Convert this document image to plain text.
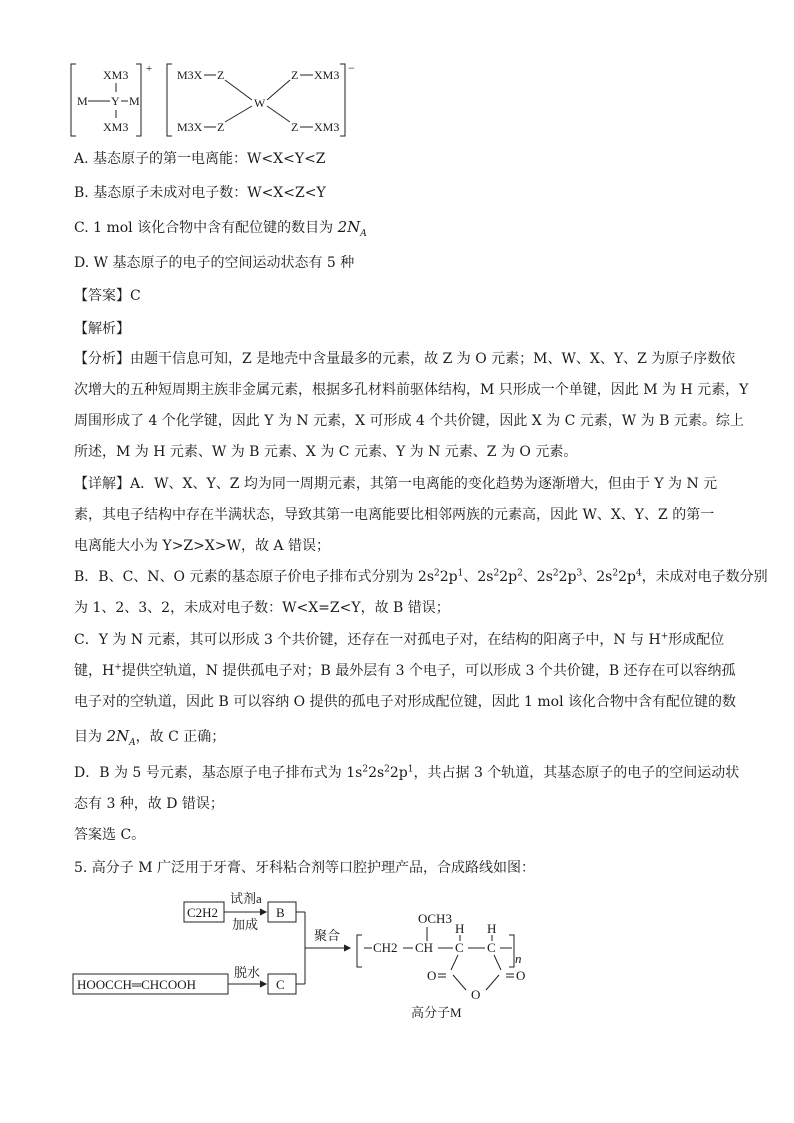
XM3
XM3
M Y M
+ M3X
M3X
Z
Z
W
Z
Z
XM3
XM3
−
A. 基态原子的第一电离能：W<X<Y<Z
B. 基态原子未成对电子数：W<X<Z<Y
C. 1 mol 该化合物中含有配位键的数目为 $2N_A$
D. W 基态原子的电子的空间运动状态有 5 种
【答案】C
【解析】
【分析】由题干信息可知，Z 是地壳中含量最多的元素，故 Z 为 O 元素；M、W、X、Y、Z 为原子序数依
次增大的五种短周期主族非金属元素，根据多孔材料前驱体结构，M 只形成一个单键，因此 M 为 H 元素，Y
周围形成了 4 个化学键，因此 Y 为 N 元素，X 可形成 4 个共价键，因此 X 为 C 元素，W 为 B 元素。综上
所述，M 为 H 元素、W 为 B 元素、X 为 C 元素、Y 为 N 元素、Z 为 O 元素。
【详解】A．W、X、Y、Z 均为同一周期元素，其第一电离能的变化趋势为逐渐增大，但由于 Y 为 N 元
素，其电子结构中存在半满状态，导致其第一电离能要比相邻两族的元素高，因此 W、X、Y、Z 的第一
电离能大小为 Y>Z>X>W，故 A 错误；
B．B、C、N、O 元素的基态原子价电子排布式分别为 $2s^22p^1$、$2s^22p^2$、$2s^22p^3$、$2s^22p^4$，未成对电子数分别
为 1、2、3、2，未成对电子数：W<X=Z<Y，故 B 错误；
C．Y 为 N 元素，其可以形成 3 个共价键，还存在一对孤电子对，在结构的阳离子中，N 与 H+形成配位
键，H+提供空轨道，N 提供孤电子对；B 最外层有 3 个电子，可以形成 3 个共价键，B 还存在可以容纳孤
电子对的空轨道，因此 B 可以容纳 O 提供的孤电子对形成配位键，因此 1 mol 该化合物中含有配位键的数
目为 $2N_A$，故 C 正确；
D．B 为 5 号元素，基态原子电子排布式为 $1s^22s^22p^1$，共占据 3 个轨道，其基态原子的电子的空间运动状
态有 3 种，故 D 错误；
答案选 C。
5. 高分子 M 广泛用于牙膏、牙科粘合剂等口腔护理产品，合成路线如图：
C2H2
试剂a
加成
B
HOOCCH═CHCOOH
脱水
C
聚合
OCH3
CH2 CH C C
H H
O	O
O
n
高分子M
